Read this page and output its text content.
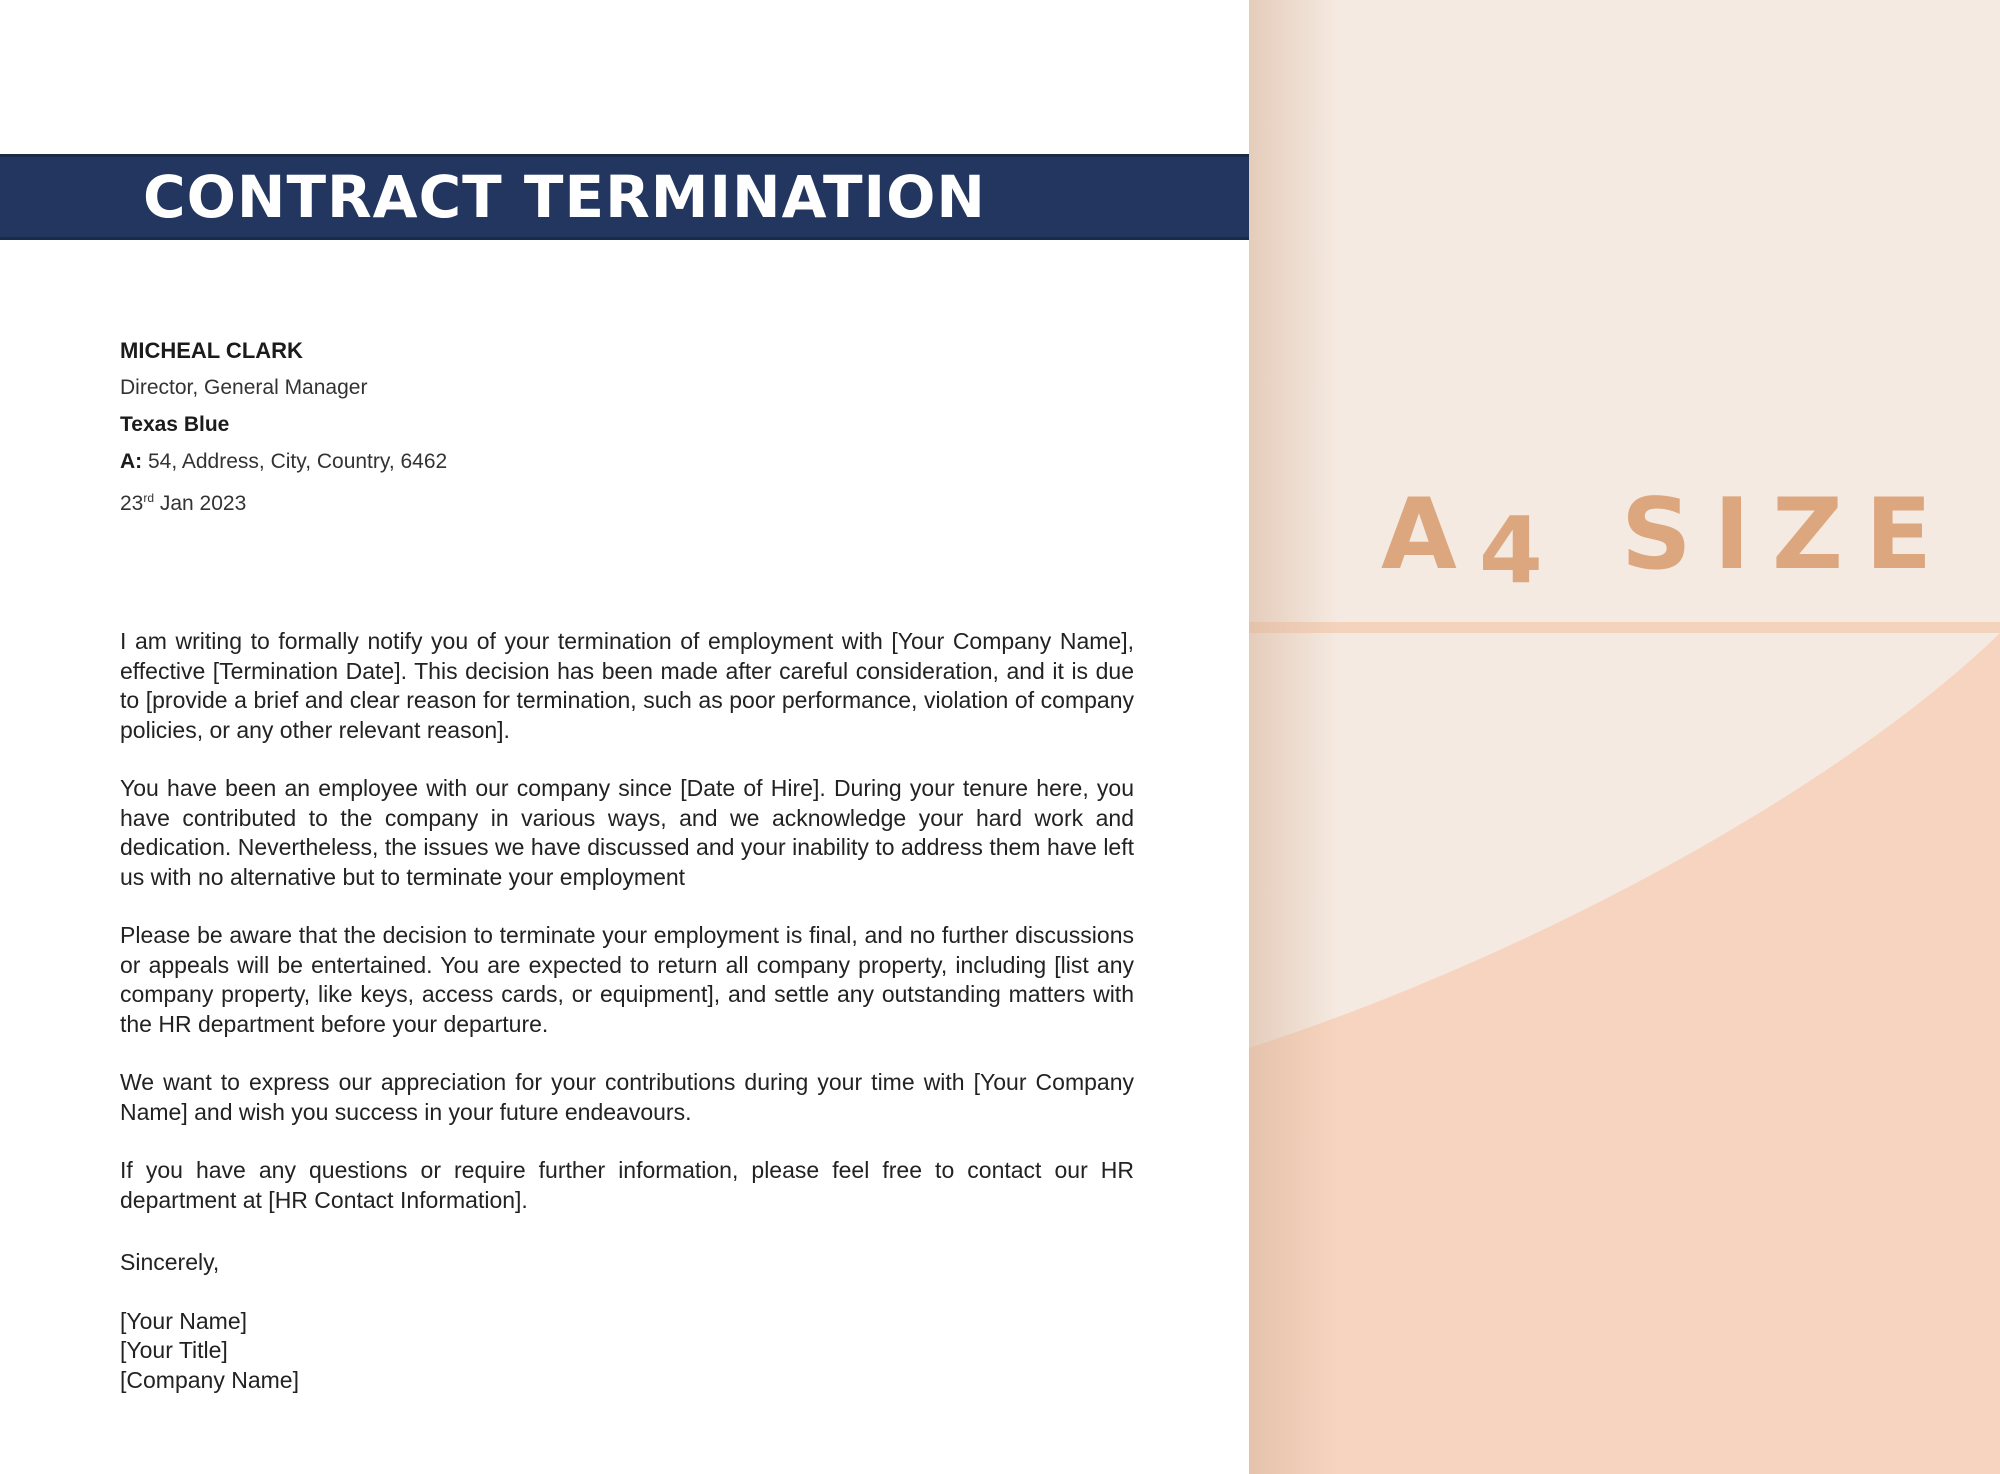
CONTRACT TERMINATION
MICHEAL CLARK
Director, General Manager
Texas Blue
A: 54, Address, City, Country, 6462
23rd Jan 2023

I am writing to formally notify you of your termination of employment with [Your Company Name], effective [Termination Date]. This decision has been made after careful consideration, and it is due to [provide a brief and clear reason for termination, such as poor performance, violation of company policies, or any other relevant reason].

You have been an employee with our company since [Date of Hire]. During your tenure here, you have contributed to the company in various ways, and we acknowledge your hard work and dedication. Nevertheless, the issues we have discussed and your inability to address them have left us with no alternative but to terminate your employment

Please be aware that the decision to terminate your employment is final, and no further discussions or appeals will be entertained. You are expected to return all company property, including [list any company property, like keys, access cards, or equipment], and settle any outstanding matters with the HR department before your departure.

We want to express our appreciation for your contributions during your time with [Your Company Name] and wish you success in your future endeavours.

If you have any questions or require further information, please feel free to contact our HR department at [HR Contact Information].

Sincerely,
[Your Name]
[Your Title]
[Company Name]
A4 SIZE
